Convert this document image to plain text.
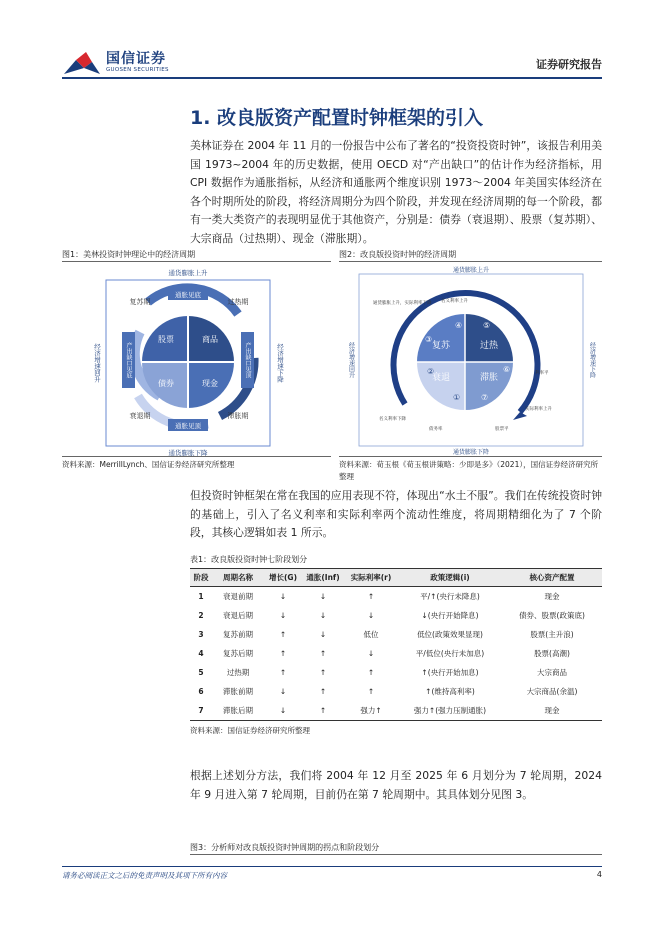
国信证券
GUOSEN SECURITIES	证券研究报告
1. 改良版资产配置时钟框架的引入
美林证券在 2004 年 11 月的一份报告中公布了著名的“投资投资时钟”，该报告利用美国 1973~2004 年的历史数据，使用 OECD 对“产出缺口”的估计作为经济指标，用 CPI 数据作为通胀指标，从经济和通胀两个维度识别 1973～2004 年美国实体经济在各个时期所处的阶段，将经济周期分为四个阶段，并发现在经济周期的每一个阶段，都有一类大类资产的表现明显优于其他资产，分别是：债券（衰退期）、股票（复苏期）、大宗商品（过热期）、现金（滞胀期）。
图1：美林投资时钟理论中的经济周期
股票	商品
债券	现金
通胀见底
通胀见顶
产出缺口见底	产出缺口见顶
复苏期	过热期
衰退期	滞胀期
通货膨胀上升
通货膨胀下降
经济增速回升	经济增速下降
资料来源：MerrillLynch、国信证券经济研究所整理
图2：改良版投资时钟的经济周期
复苏	过热
衰退	滞胀
④	⑤
⑥
⑦
①
②
③
通货膨胀上升，实际利率下降 名义利率上升
利率平
实际利率上升
名义利率下降
债务率	股票平
通货膨胀上升
通货膨胀下降
经济增速回升	经济增速下降
资料来源：荀玉根《荀玉根讲策略：少即是多》（2021），国信证券经济研究所整理
但投资时钟框架在常在我国的应用表现不符，体现出“水土不服”。我们在传统投资时钟的基础上，引入了名义利率和实际利率两个流动性维度，将周期精细化为了 7 个阶段，其核心逻辑如表 1 所示。
表1：改良版投资时钟七阶段划分
阶段	周期名称	增长(G)	通胀(Inf)	实际利率(r)	政策逻辑(i)	核心资产配置
1	衰退前期	↓	↓	↑	平/↑(央行未降息)	现金
2	衰退后期	↓	↓	↓	↓(央行开始降息)	债券、股票(政策底)
3	复苏前期	↑	↓	低位	低位(政策效果显现)	股票(主升浪)
4	复苏后期	↑	↑	↓	平/低位(央行未加息)	股票(高潮)
5	过热期	↑	↑	↑	↑(央行开始加息)	大宗商品
6	滞胀前期	↓	↑	↑	↑(维持高利率)	大宗商品(余温)
7	滞胀后期	↓	↑	强力↑	强力↑(强力压制通胀)	现金
资料来源：国信证券经济研究所整理
根据上述划分方法，我们将 2004 年 12 月至 2025 年 6 月划分为 7 轮周期，2024 年 9 月进入第 7 轮周期，目前仍在第 7 轮周期中。其具体划分见图 3。
图3：分析师对改良版投资时钟周期的拐点和阶段划分
请务必阅读正文之后的免责声明及其项下所有内容	4
